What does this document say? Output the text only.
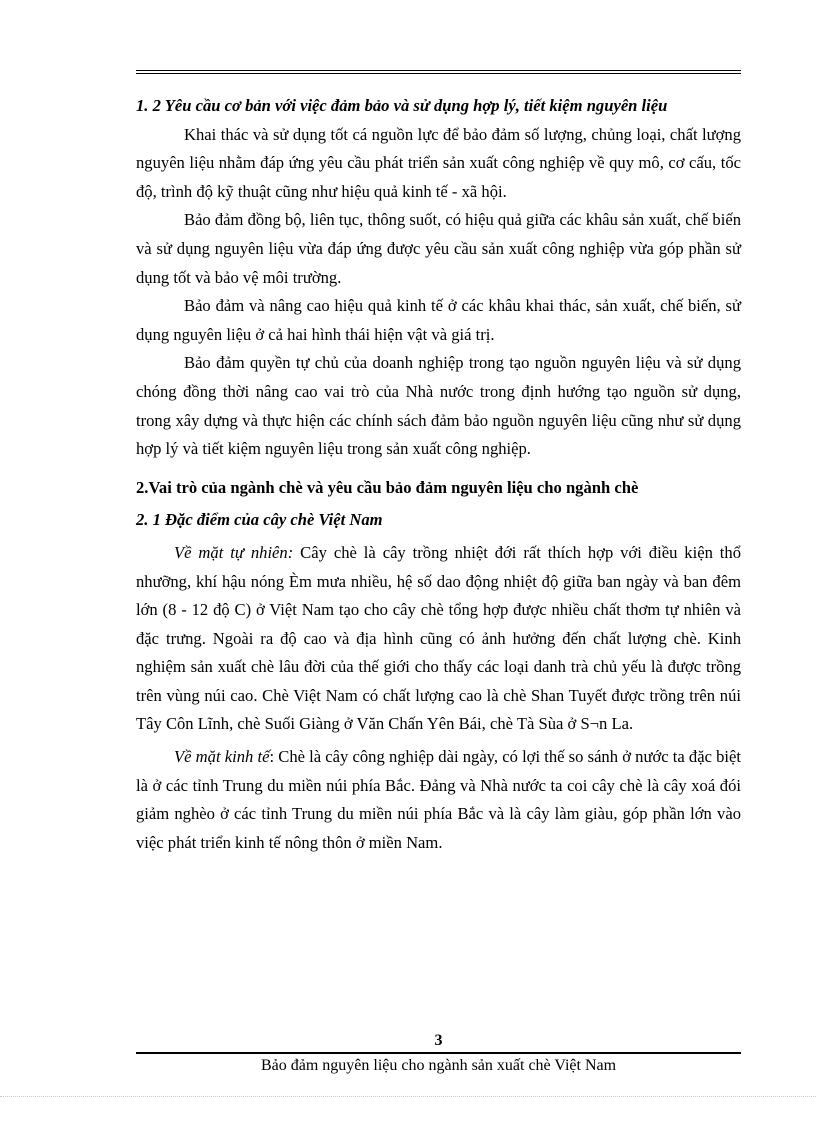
1. 2 Yêu cầu cơ bản với việc đảm bảo và sử dụng hợp lý, tiết kiệm nguyên liệu

Khai thác và sử dụng tốt cá nguồn lực để bảo đảm số lượng, chủng loại, chất lượng nguyên liệu nhằm đáp ứng yêu cầu phát triển sản xuất công nghiệp về quy mô, cơ cấu, tốc độ, trình độ kỹ thuật cũng như hiệu quả kinh tế - xã hội.

Bảo đảm đồng bộ, liên tục, thông suốt, có hiệu quả giữa các khâu sản xuất, chế biến và sử dụng nguyên liệu vừa đáp ứng được yêu cầu sản xuất công nghiệp vừa góp phần sử dụng tốt và bảo vệ môi trường.

Bảo đảm và nâng cao hiệu quả kinh tế ở các khâu khai thác, sản xuất, chế biến, sử dụng nguyên liệu ở cả hai hình thái hiện vật và giá trị.

Bảo đảm quyền tự chủ của doanh nghiệp trong tạo nguồn nguyên liệu và sử dụng chóng đồng thời nâng cao vai trò của Nhà nước trong định hướng tạo nguồn sử dụng, trong xây dựng và thực hiện các chính sách đảm bảo nguồn nguyên liệu cũng như sử dụng hợp lý và tiết kiệm nguyên liệu trong sản xuất công nghiệp.

2.Vai trò của ngành chè và yêu cầu bảo đảm nguyên liệu cho ngành chè

2. 1 Đặc điểm của cây chè Việt Nam

Về mặt tự nhiên: Cây chè là cây trồng nhiệt đới rất thích hợp với điều kiện thổ nhưỡng, khí hậu nóng Èm mưa nhiều, hệ số dao động nhiệt độ giữa ban ngày và ban đêm lớn (8 - 12 độ C) ở Việt Nam tạo cho cây chè tổng hợp được nhiều chất thơm tự nhiên và đặc trưng. Ngoài ra độ cao và địa hình cũng có ảnh hưởng đến chất lượng chè. Kinh nghiệm sản xuất chè lâu đời của thế giới cho thấy các loại danh trà chủ yếu là được trồng trên vùng núi cao. Chè Việt Nam có chất lượng cao là chè Shan Tuyết được trồng trên núi Tây Côn Lĩnh, chè Suối Giàng ở Văn Chấn Yên Bái, chè Tà Sùa ở S¬n La.

Về mặt kinh tế: Chè là cây công nghiệp dài ngày, có lợi thế so sánh ở nước ta đặc biệt là ở các tỉnh Trung du miền núi phía Bắc. Đảng và Nhà nước ta coi cây chè là cây xoá đói giảm nghèo ở các tỉnh Trung du miền núi phía Bắc và là cây làm giàu, góp phần lớn vào việc phát triển kinh tế nông thôn ở miền Nam.

3
Bảo đảm nguyên liệu cho ngành sản xuất chè Việt Nam
